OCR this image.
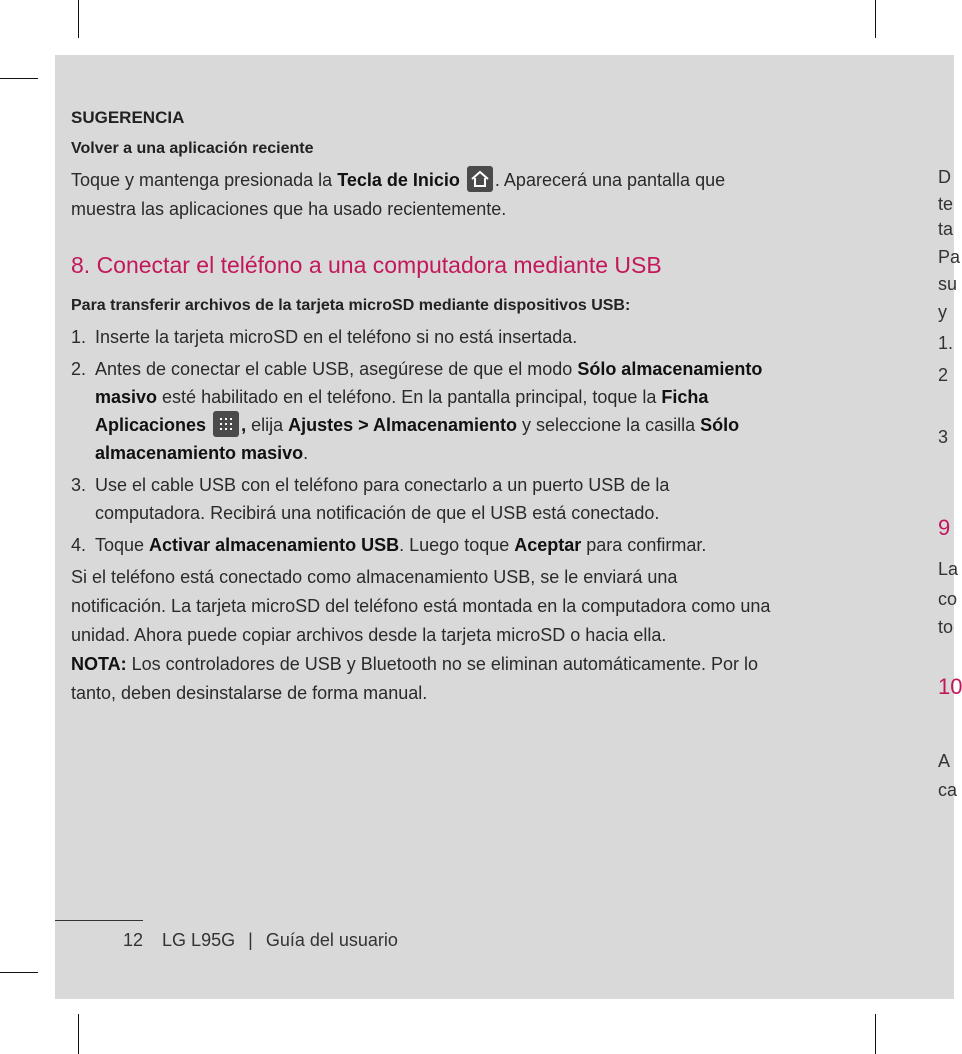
SUGERENCIA

Volver a una aplicación reciente

Toque y mantenga presionada la Tecla de Inicio . Aparecerá una pantalla que muestra las aplicaciones que ha usado recientemente.

8. Conectar el teléfono a una computadora mediante USB

Para transferir archivos de la tarjeta microSD mediante dispositivos USB:

1. Inserte la tarjeta microSD en el teléfono si no está insertada.
2. Antes de conectar el cable USB, asegúrese de que el modo Sólo almacenamiento masivo esté habilitado en el teléfono. En la pantalla principal, toque la Ficha Aplicaciones , elija Ajustes > Almacenamiento y seleccione la casilla Sólo almacenamiento masivo.
3. Use el cable USB con el teléfono para conectarlo a un puerto USB de la computadora. Recibirá una notificación de que el USB está conectado.
4. Toque Activar almacenamiento USB. Luego toque Aceptar para confirmar.

Si el teléfono está conectado como almacenamiento USB, se le enviará una notificación. La tarjeta microSD del teléfono está montada en la computadora como una unidad. Ahora puede copiar archivos desde la tarjeta microSD o hacia ella.

NOTA: Los controladores de USB y Bluetooth no se eliminan automáticamente. Por lo tanto, deben desinstalarse de forma manual.

12 LG L95G | Guía del usuario
D
te
ta
Pa
su
y
1.
2
3
9
La
co
to
10
A
ca
